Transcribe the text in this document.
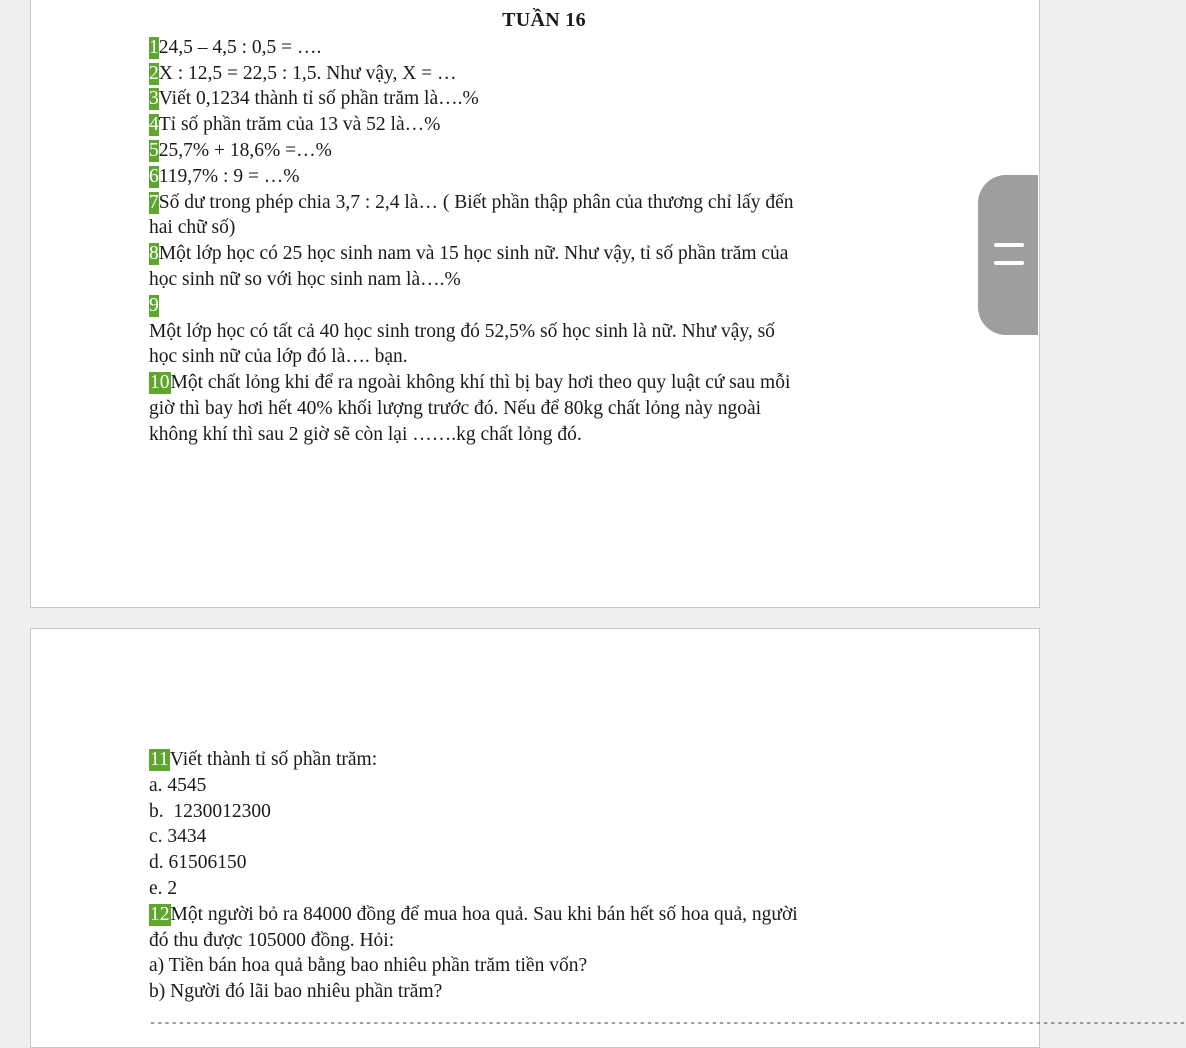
TUẦN 16
124,5 – 4,5 : 0,5 = ….
2X : 12,5 = 22,5 : 1,5. Như vậy, X = …
3Viết 0,1234 thành tỉ số phần trăm là….%
4Tỉ số phần trăm của 13 và 52 là…%
525,7% + 18,6% =…%
6119,7% : 9 = …%
7Số dư trong phép chia 3,7 : 2,4 là… ( Biết phần thập phân của thương chỉ lấy đến
hai chữ số)
8Một lớp học có 25 học sinh nam và 15 học sinh nữ. Như vậy, tỉ số phần trăm của
học sinh nữ so với học sinh nam là….%
9
Một lớp học có tất cả 40 học sinh trong đó 52,5% số học sinh là nữ. Như vậy, số
học sinh nữ của lớp đó là…. bạn.
10Một chất lỏng khi để ra ngoài không khí thì bị bay hơi theo quy luật cứ sau mỗi
giờ thì bay hơi hết 40% khối lượng trước đó. Nếu để 80kg chất lỏng này ngoài
không khí thì sau 2 giờ sẽ còn lại …….kg chất lỏng đó.
11Viết thành tỉ số phần trăm:
a. 4545
b.  1230012300
c. 3434
d. 61506150
e. 2
12Một người bỏ ra 84000 đồng để mua hoa quả. Sau khi bán hết số hoa quả, người
đó thu được 105000 đồng. Hỏi:
a) Tiền bán hoa quả bằng bao nhiêu phần trăm tiền vốn?
b) Người đó lãi bao nhiêu phần trăm?
------------------------------------------------------------------------------------------------------------------------------------------------
